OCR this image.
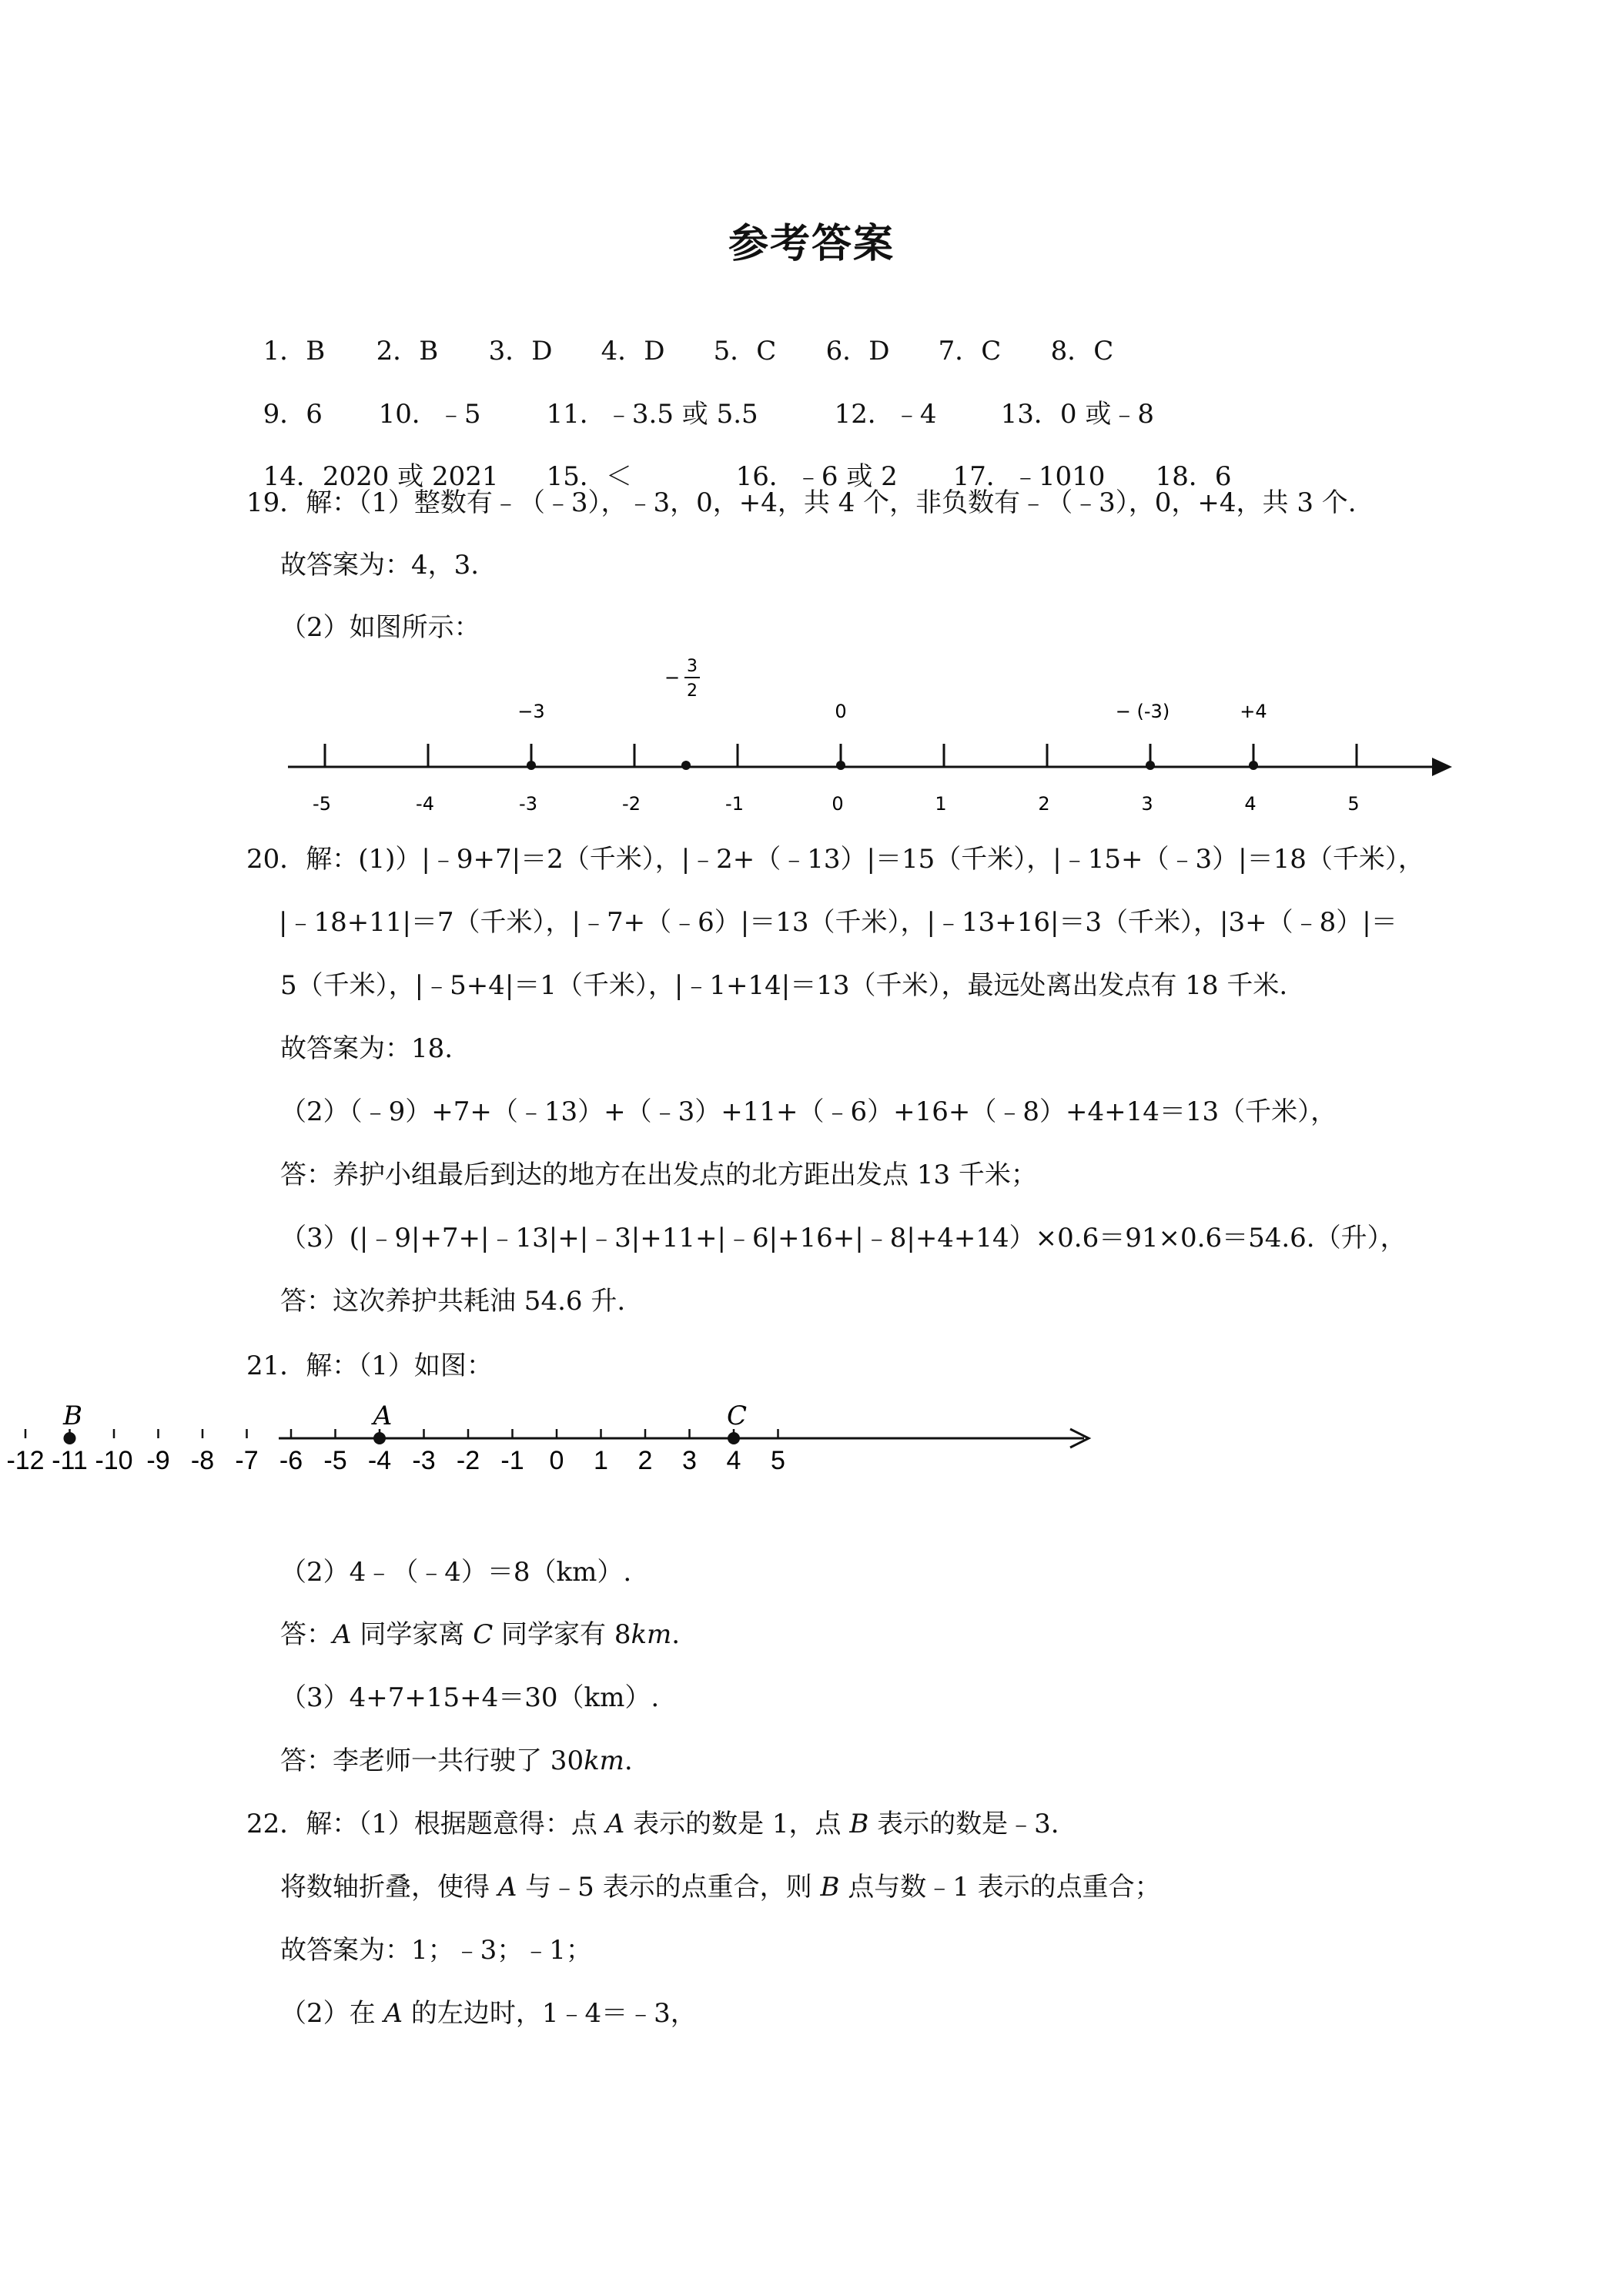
参考答案

1．B 2．B 3．D 4．D 5．C 6．D 7．C 8．C

9．6 10．﹣5	11．﹣3.5 或 5.5	12．﹣4 13．0 或﹣8

14．2020 或 2021 15．＜	16．﹣6 或 2 17．﹣1010 18．6

19．解：（1）整数有﹣（﹣3），﹣3，0，+4，共 4 个，非负数有﹣（﹣3），0，+4，共 3 个.
故答案为：4，3.
（2）如图所示：
-5	-4	-3	-2	-1	0	1	2	3	4	5
−3
−
3
2
0	− (-3)	+4
20．解：(1)）|﹣9+7|＝2（千米），|﹣2+（﹣13）|＝15（千米），|﹣15+（﹣3）|＝18（千米），
|﹣18+11|＝7（千米），|﹣7+（﹣6）|＝13（千米），|﹣13+16|＝3（千米），|3+（﹣8）|＝
5（千米），|﹣5+4|＝1（千米），|﹣1+14|＝13（千米），最远处离出发点有 18 千米.
故答案为：18.
（2）（﹣9）+7+（﹣13）+（﹣3）+11+（﹣6）+16+（﹣8）+4+14＝13（千米），
答：养护小组最后到达的地方在出发点的北方距出发点 13 千米；
（3）(|﹣9|+7+|﹣13|+|﹣3|+11+|﹣6|+16+|﹣8|+4+14）×0.6＝91×0.6＝54.6.（升），
答：这次养护共耗油 54.6 升.
21．解：（1）如图：
-12 -11 -10 -9 -8 -7 -6 -5 -4 -3 -2 -1 0 1 2 3 4 5
B	A	C
（2）4﹣（﹣4）＝8（km）.
答：A 同学家离 C 同学家有 8km.
（3）4+7+15+4＝30（km）.
答：李老师一共行驶了 30km.
22．解：（1）根据题意得：点 A 表示的数是 1，点 B 表示的数是﹣3.
将数轴折叠，使得 A 与﹣5 表示的点重合，则 B 点与数﹣1 表示的点重合；
故答案为：1；﹣3；﹣1；
（2）在 A 的左边时，1﹣4＝﹣3，
